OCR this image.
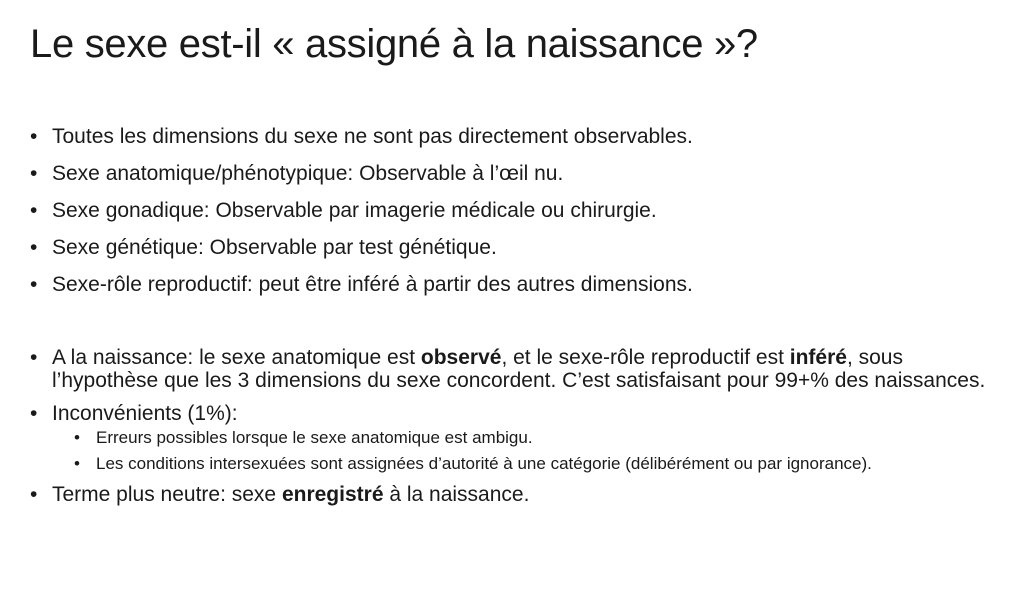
Le sexe est-il « assigné à la naissance »?
• Toutes les dimensions du sexe ne sont pas directement observables.
• Sexe anatomique/phénotypique: Observable à l’œil nu.
• Sexe gonadique: Observable par imagerie médicale ou chirurgie.
• Sexe génétique: Observable par test génétique.
• Sexe-rôle reproductif: peut être inféré à partir des autres dimensions.
• A la naissance: le sexe anatomique est observé, et le sexe-rôle reproductif est inféré, sous l’hypothèse que les 3 dimensions du sexe concordent. C’est satisfaisant pour 99+% des naissances.
• Inconvénients (1%):
• Erreurs possibles lorsque le sexe anatomique est ambigu.
• Les conditions intersexuées sont assignées d’autorité à une catégorie (délibérément ou par ignorance).
• Terme plus neutre: sexe enregistré à la naissance.
